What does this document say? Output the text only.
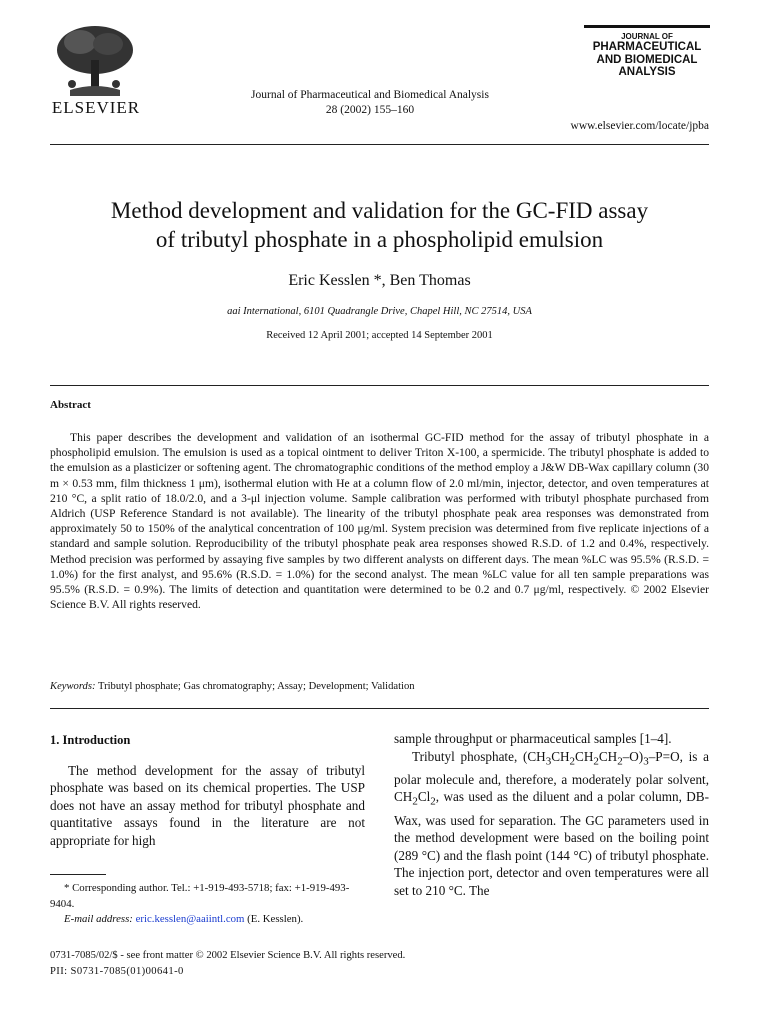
ELSEVIER
Journal of Pharmaceutical and Biomedical Analysis
28 (2002) 155–160
JOURNAL OF
PHARMACEUTICAL
AND BIOMEDICAL
ANALYSIS
www.elsevier.com/locate/jpba
Method development and validation for the GC-FID assay
of tributyl phosphate in a phospholipid emulsion
Eric Kesslen *, Ben Thomas
aai International, 6101 Quadrangle Drive, Chapel Hill, NC 27514, USA
Received 12 April 2001; accepted 14 September 2001
Abstract
This paper describes the development and validation of an isothermal GC-FID method for the assay of tributyl phosphate in a phospholipid emulsion. The emulsion is used as a topical ointment to deliver Triton X-100, a spermicide. The tributyl phosphate is added to the emulsion as a plasticizer or softening agent. The chromatographic conditions of the method employ a J&W DB-Wax capillary column (30 m × 0.53 mm, film thickness 1 μm), isothermal elution with He at a column flow of 2.0 ml/min, injector, detector, and oven temperatures at 210 °C, a split ratio of 18.0/2.0, and a 3-μl injection volume. Sample calibration was performed with tributyl phosphate purchased from Aldrich (USP Reference Standard is not available). The linearity of the tributyl phosphate peak area responses was demonstrated from approximately 50 to 150% of the analytical concentration of 100 μg/ml. System precision was determined from five replicate injections of a standard and sample solution. Reproducibility of the tributyl phosphate peak area responses showed R.S.D. of 1.2 and 0.4%, respectively. Method precision was performed by assaying five samples by two different analysts on different days. The mean %LC was 95.5% (R.S.D. = 1.0%) for the first analyst, and 95.6% (R.S.D. = 1.0%) for the second analyst. The mean %LC value for all ten sample preparations was 95.5% (R.S.D. = 0.9%). The limits of detection and quantitation were determined to be 0.2 and 0.7 μg/ml, respectively. © 2002 Elsevier Science B.V. All rights reserved.
Keywords: Tributyl phosphate; Gas chromatography; Assay; Development; Validation
1. Introduction

The method development for the assay of tributyl phosphate was based on its chemical properties. The USP does not have an assay method for tributyl phosphate and quantitative assays found in the literature are not appropriate for high

* Corresponding author. Tel.: +1-919-493-5718; fax: +1-919-493-9404.
E-mail address: eric.kesslen@aaiintl.com (E. Kesslen).

sample throughput or pharmaceutical samples [1–4].

Tributyl phosphate, $(CH_3CH_2CH_2CH_2-O)_3-P=O$, is a polar molecule and, therefore, a moderately polar solvent, $CH_2Cl_2$, was used as the diluent and a polar column, DB-Wax, was used for separation. The GC parameters used in the method development were based on the boiling point (289 °C) and the flash point (144 °C) of tributyl phosphate. The injection port, detector and oven temperatures were all set to 210 °C. The

0731-7085/02/$ - see front matter © 2002 Elsevier Science B.V. All rights reserved.
PII: S0731-7085(01)00641-0
